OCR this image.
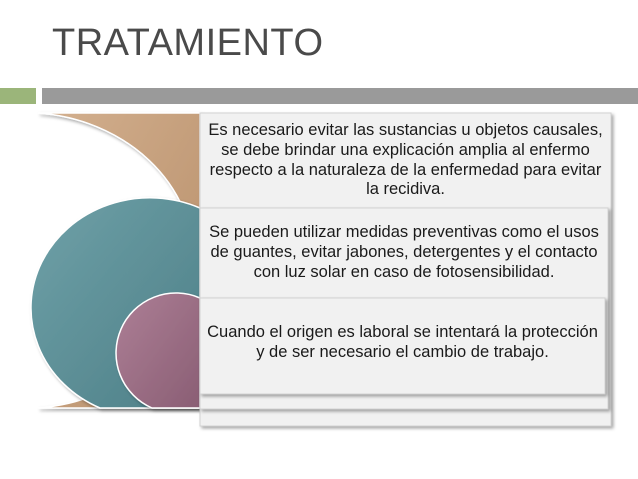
TRATAMIENTO
Es necesario evitar las sustancias u objetos causales, se debe brindar una explicación amplia al enfermo respecto a la naturaleza de la enfermedad para evitar la recidiva.
Se pueden utilizar medidas preventivas como el usos de guantes, evitar jabones, detergentes y el contacto con luz solar en caso de fotosensibilidad.
Cuando el origen es laboral se intentará la protección y de ser necesario el cambio de trabajo.
